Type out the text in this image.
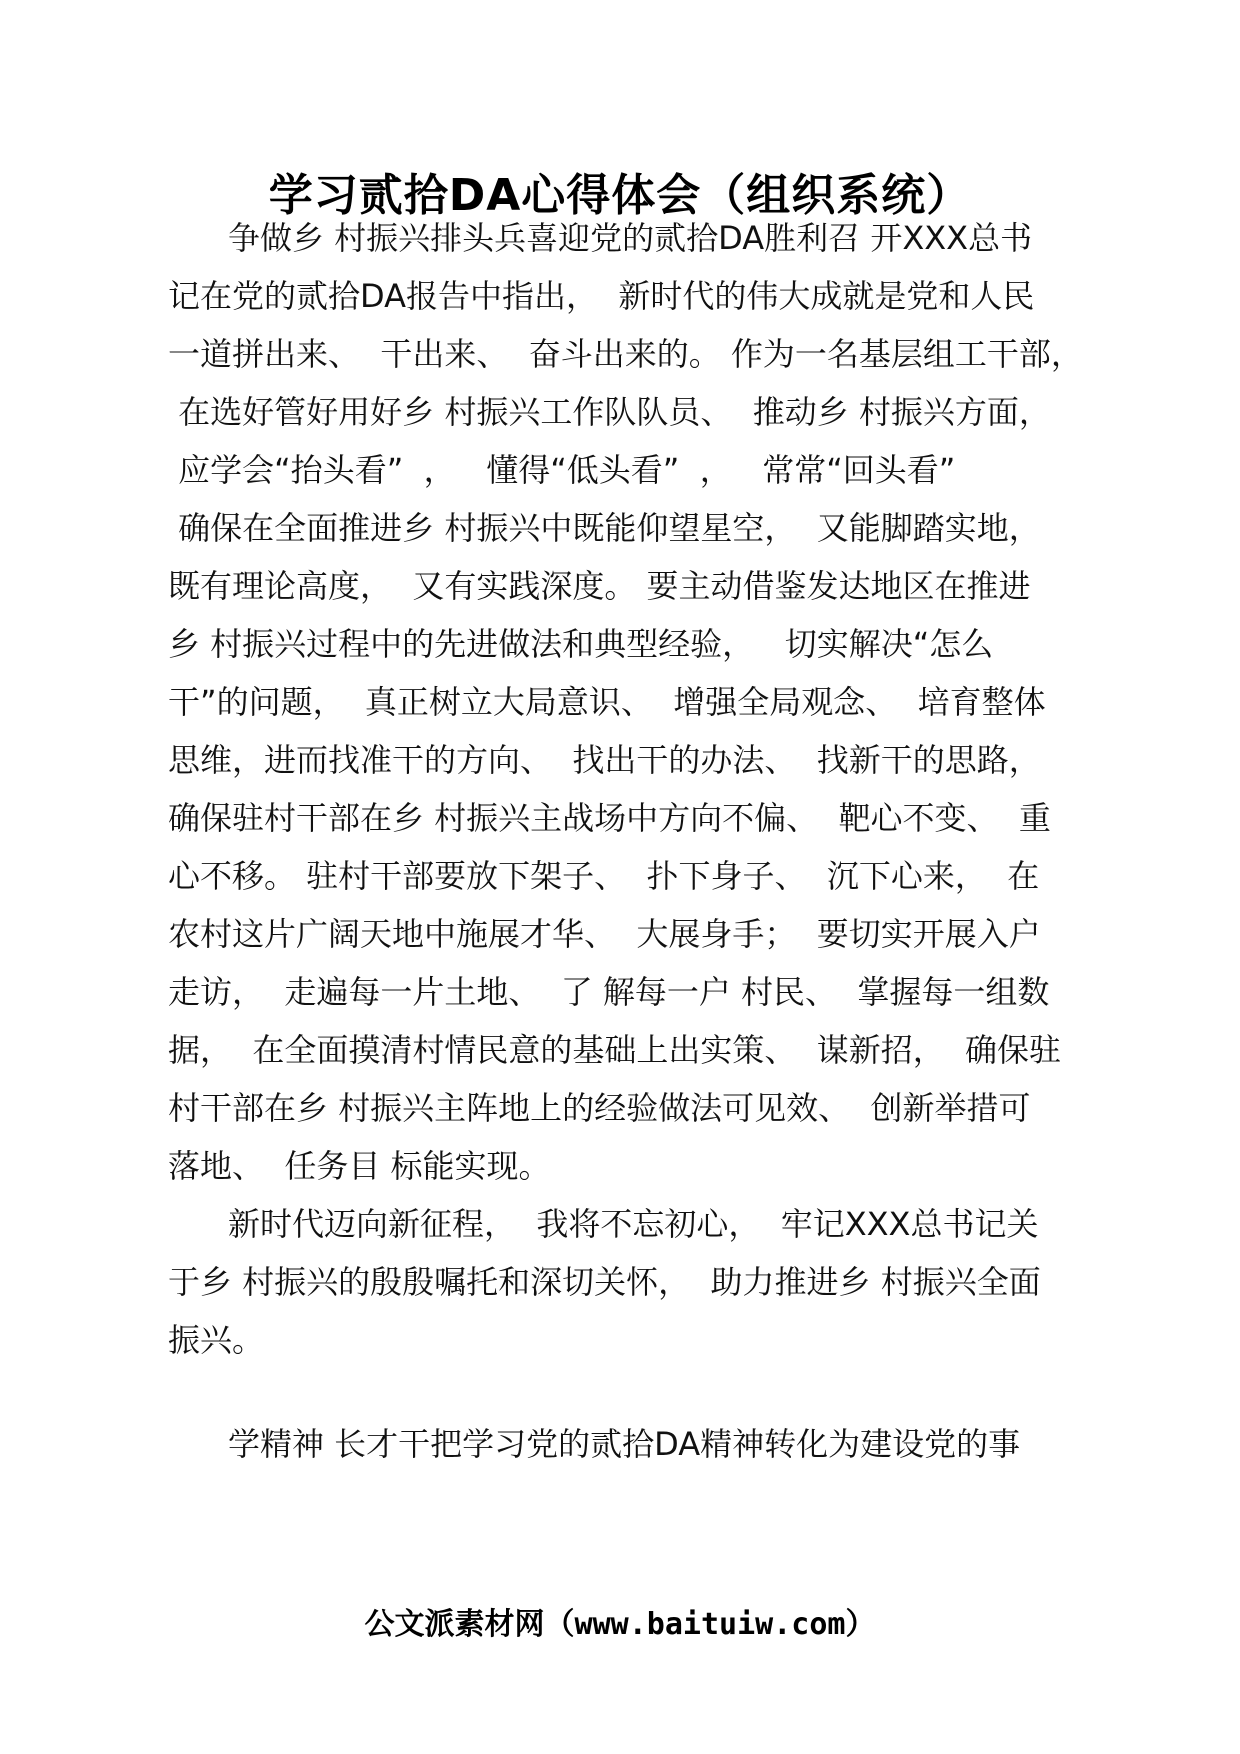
学习贰拾DA心得体会（组织系统）
争做乡 村振兴排头兵喜迎党的贰拾DA胜利召 开XXX总书
记在党的贰拾DA报告中指出，  新时代的伟大成就是党和人民
一道拼出来、  干出来、  奋斗出来的。 作为一名基层组工干部，
在选好管好用好乡 村振兴工作队队员、  推动乡 村振兴方面，
应学会“抬头看”  ，   懂得“低头看”  ，   常常“回头看”
确保在全面推进乡 村振兴中既能仰望星空，  又能脚踏实地，
既有理论高度，  又有实践深度。 要主动借鉴发达地区在推进
乡 村振兴过程中的先进做法和典型经验，   切实解决“怎么
干”的问题，  真正树立大局意识、  增强全局观念、  培育整体
思维，进而找准干的方向、  找出干的办法、  找新干的思路，
确保驻村干部在乡 村振兴主战场中方向不偏、  靶心不变、  重
心不移。 驻村干部要放下架子、  扑下身子、  沉下心来，  在
农村这片广阔天地中施展才华、  大展身手；  要切实开展入户
走访，  走遍每一片土地、  了 解每一户 村民、  掌握每一组数
据，  在全面摸清村情民意的基础上出实策、  谋新招，  确保驻
村干部在乡 村振兴主阵地上的经验做法可见效、  创新举措可
落地、  任务目 标能实现。
新时代迈向新征程，  我将不忘初心，  牢记XXX总书记关
于乡 村振兴的殷殷嘱托和深切关怀，  助力推进乡 村振兴全面
振兴。
学精神 长才干把学习党的贰拾DA精神转化为建设党的事
公文派素材网（www.baituiw.com）
